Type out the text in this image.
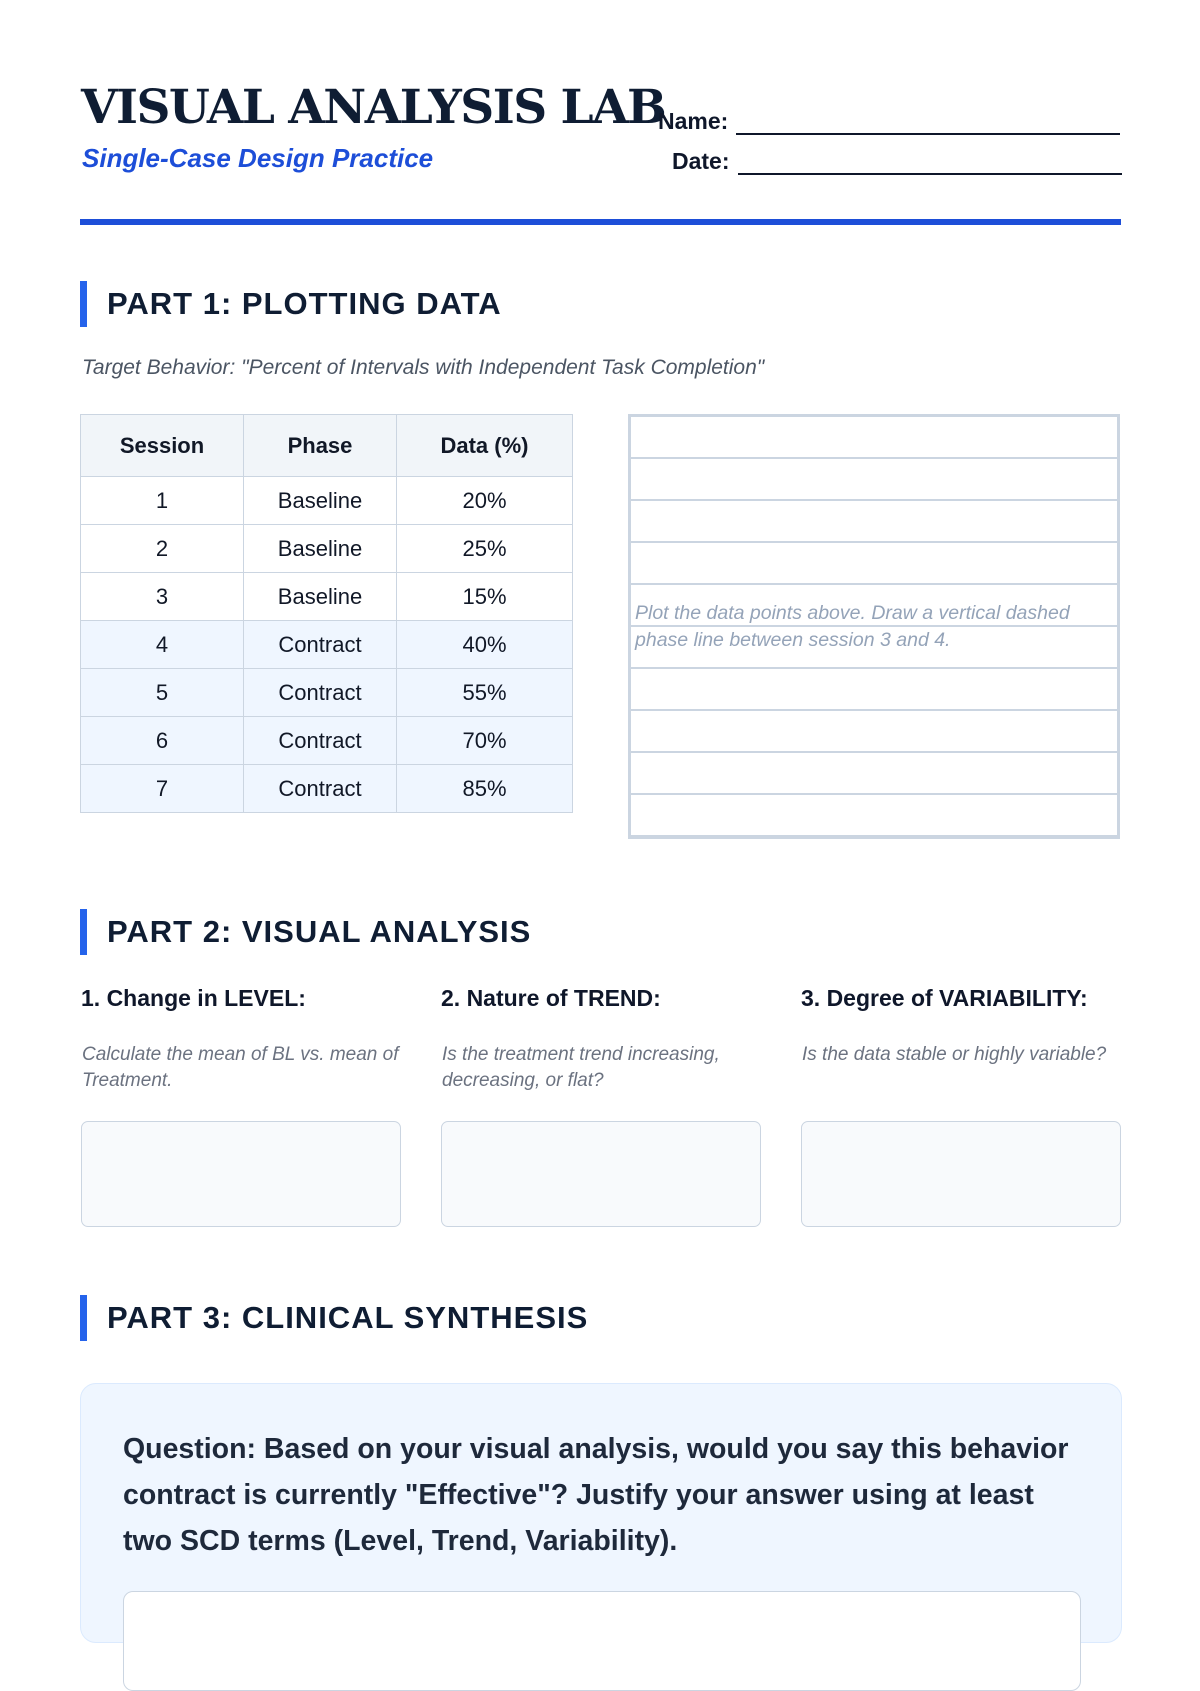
VISUAL ANALYSIS LAB
Single-Case Design Practice
Name:
Date:
PART 1: PLOTTING DATA
Target Behavior: "Percent of Intervals with Independent Task Completion"
Session	Phase	Data (%)
1	Baseline	20%
2	Baseline	25%
3	Baseline	15%
4	Contract	40%
5	Contract	55%
6	Contract	70%
7	Contract	85%
Plot the data points above. Draw a vertical dashed phase line between session 3 and 4.
PART 2: VISUAL ANALYSIS
1. Change in LEVEL:
Calculate the mean of BL vs. mean of Treatment.
2. Nature of TREND:
Is the treatment trend increasing, decreasing, or flat?
3. Degree of VARIABILITY:
Is the data stable or highly variable?
PART 3: CLINICAL SYNTHESIS
Question: Based on your visual analysis, would you say this behavior contract is currently "Effective"? Justify your answer using at least two SCD terms (Level, Trend, Variability).
